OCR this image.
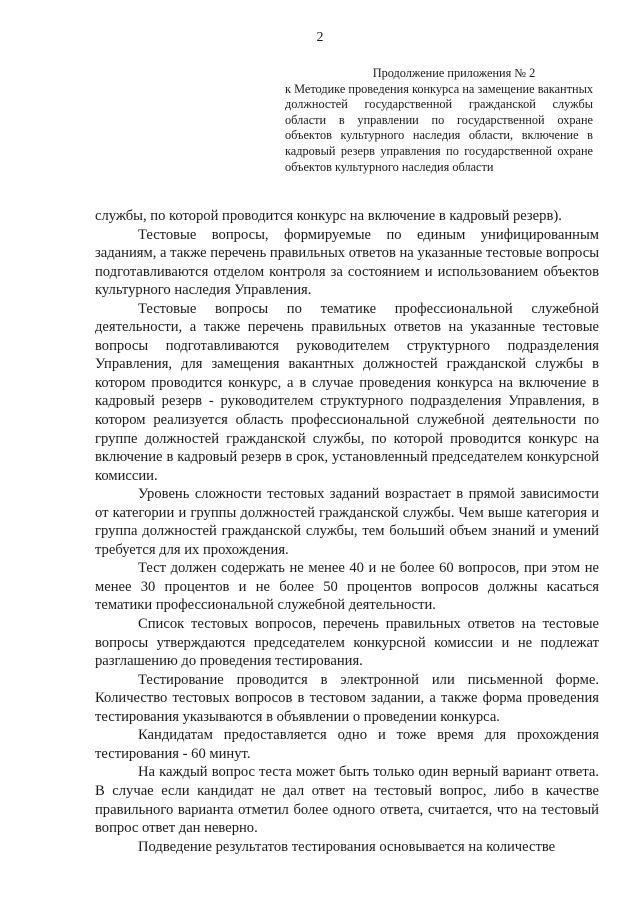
2
Продолжение приложения № 2
к Методике проведения конкурса на замещение вакантных должностей государственной гражданской службы области в управлении по государственной охране объектов культурного наследия области, включение в кадровый резерв управления по государственной охране объектов культурного наследия области

службы, по которой проводится конкурс на включение в кадровый резерв).

Тестовые вопросы, формируемые по единым унифицированным заданиям, а также перечень правильных ответов на указанные тестовые вопросы подготавливаются отделом контроля за состоянием и использованием объектов культурного наследия Управления.

Тестовые вопросы по тематике профессиональной служебной деятельности, а также перечень правильных ответов на указанные тестовые вопросы подготавливаются руководителем структурного подразделения Управления, для замещения вакантных должностей гражданской службы в котором проводится конкурс, а в случае проведения конкурса на включение в кадровый резерв - руководителем структурного подразделения Управления, в котором реализуется область профессиональной служебной деятельности по группе должностей гражданской службы, по которой проводится конкурс на включение в кадровый резерв в срок, установленный председателем конкурсной комиссии.

Уровень сложности тестовых заданий возрастает в прямой зависимости от категории и группы должностей гражданской службы. Чем выше категория и группа должностей гражданской службы, тем больший объем знаний и умений требуется для их прохождения.

Тест должен содержать не менее 40 и не более 60 вопросов, при этом не менее 30 процентов и не более 50 процентов вопросов должны касаться тематики профессиональной служебной деятельности.

Список тестовых вопросов, перечень правильных ответов на тестовые вопросы утверждаются председателем конкурсной комиссии и не подлежат разглашению до проведения тестирования.

Тестирование проводится в электронной или письменной форме. Количество тестовых вопросов в тестовом задании, а также форма проведения тестирования указываются в объявлении о проведении конкурса.

Кандидатам предоставляется одно и тоже время для прохождения тестирования - 60 минут.

На каждый вопрос теста может быть только один верный вариант ответа. В случае если кандидат не дал ответ на тестовый вопрос, либо в качестве правильного варианта отметил более одного ответа, считается, что на тестовый вопрос ответ дан неверно.

Подведение результатов тестирования основывается на количестве
